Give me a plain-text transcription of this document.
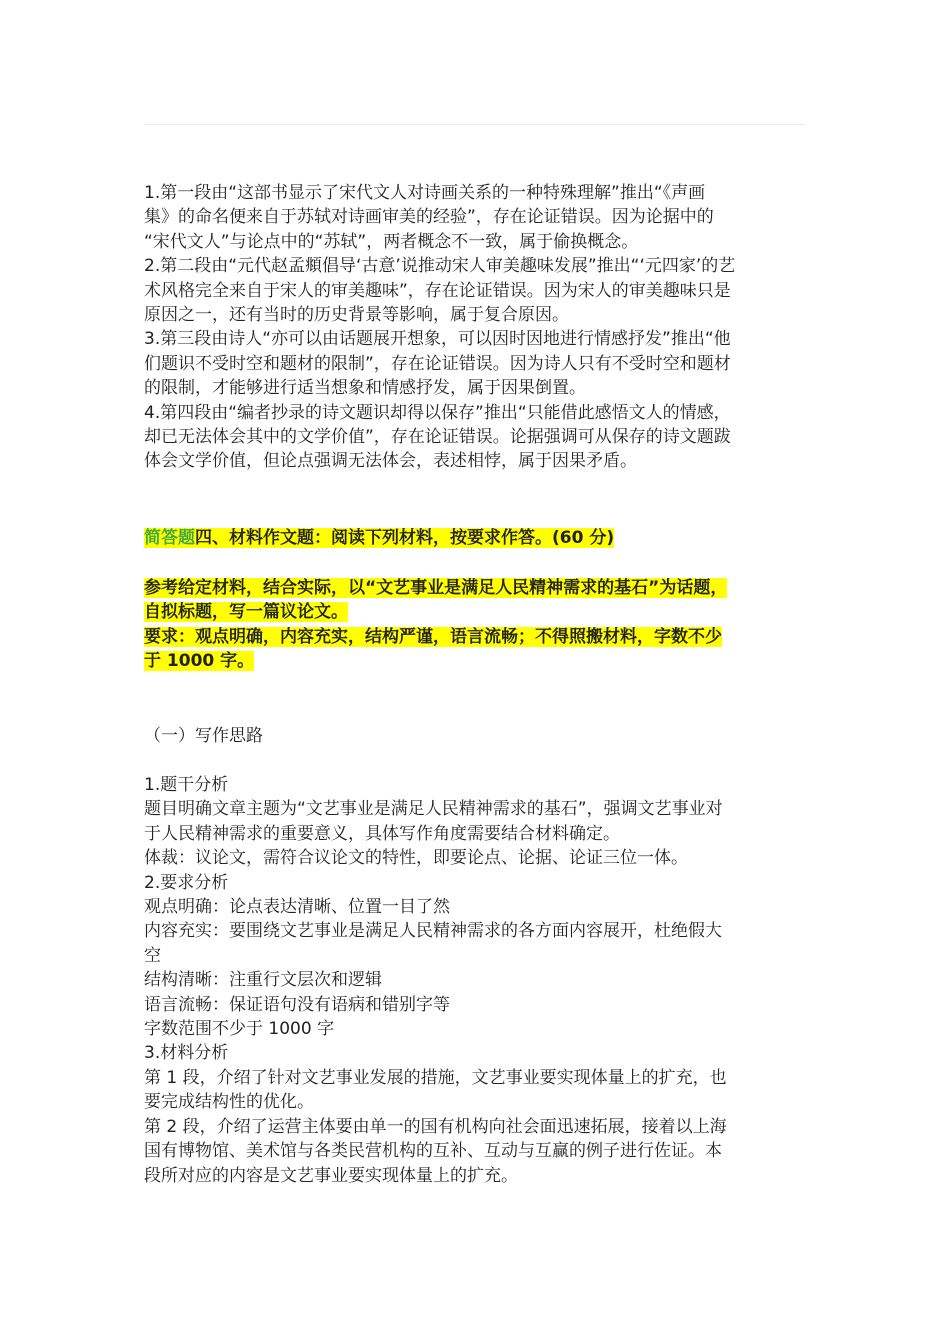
1.第一段由“这部书显示了宋代文人对诗画关系的一种特殊理解”推出“《声画

集》的命名便来自于苏轼对诗画审美的经验”，存在论证错误。因为论据中的

“宋代文人”与论点中的“苏轼”，两者概念不一致，属于偷换概念。

2.第二段由“元代赵孟頫倡导‘古意’说推动宋人审美趣味发展”推出“‘元四家’的艺

术风格完全来自于宋人的审美趣味”，存在论证错误。因为宋人的审美趣味只是

原因之一，还有当时的历史背景等影响，属于复合原因。

3.第三段由诗人“亦可以由话题展开想象，可以因时因地进行情感抒发”推出“他

们题识不受时空和题材的限制”，存在论证错误。因为诗人只有不受时空和题材

的限制，才能够进行适当想象和情感抒发，属于因果倒置。

4.第四段由“编者抄录的诗文题识却得以保存”推出“只能借此感悟文人的情感，

却已无法体会其中的文学价值”，存在论证错误。论据强调可从保存的诗文题跋

体会文学价值，但论点强调无法体会，表述相悖，属于因果矛盾。

简答题四、材料作文题：阅读下列材料，按要求作答。(60 分)

参考给定材料，结合实际，以“文艺事业是满足人民精神需求的基石”为话题，

自拟标题，写一篇议论文。

要求：观点明确，内容充实，结构严谨，语言流畅；不得照搬材料，字数不少

于 1000 字。

（一）写作思路

1.题干分析

题目明确文章主题为“文艺事业是满足人民精神需求的基石”，强调文艺事业对

于人民精神需求的重要意义，具体写作角度需要结合材料确定。

体裁：议论文，需符合议论文的特性，即要论点、论据、论证三位一体。

2.要求分析

观点明确：论点表达清晰、位置一目了然

内容充实：要围绕文艺事业是满足人民精神需求的各方面内容展开，杜绝假大

空

结构清晰：注重行文层次和逻辑

语言流畅：保证语句没有语病和错别字等

字数范围不少于 1000 字

3.材料分析

第 1 段，介绍了针对文艺事业发展的措施，文艺事业要实现体量上的扩充，也

要完成结构性的优化。

第 2 段，介绍了运营主体要由单一的国有机构向社会面迅速拓展，接着以上海

国有博物馆、美术馆与各类民营机构的互补、互动与互赢的例子进行佐证。本

段所对应的内容是文艺事业要实现体量上的扩充。
